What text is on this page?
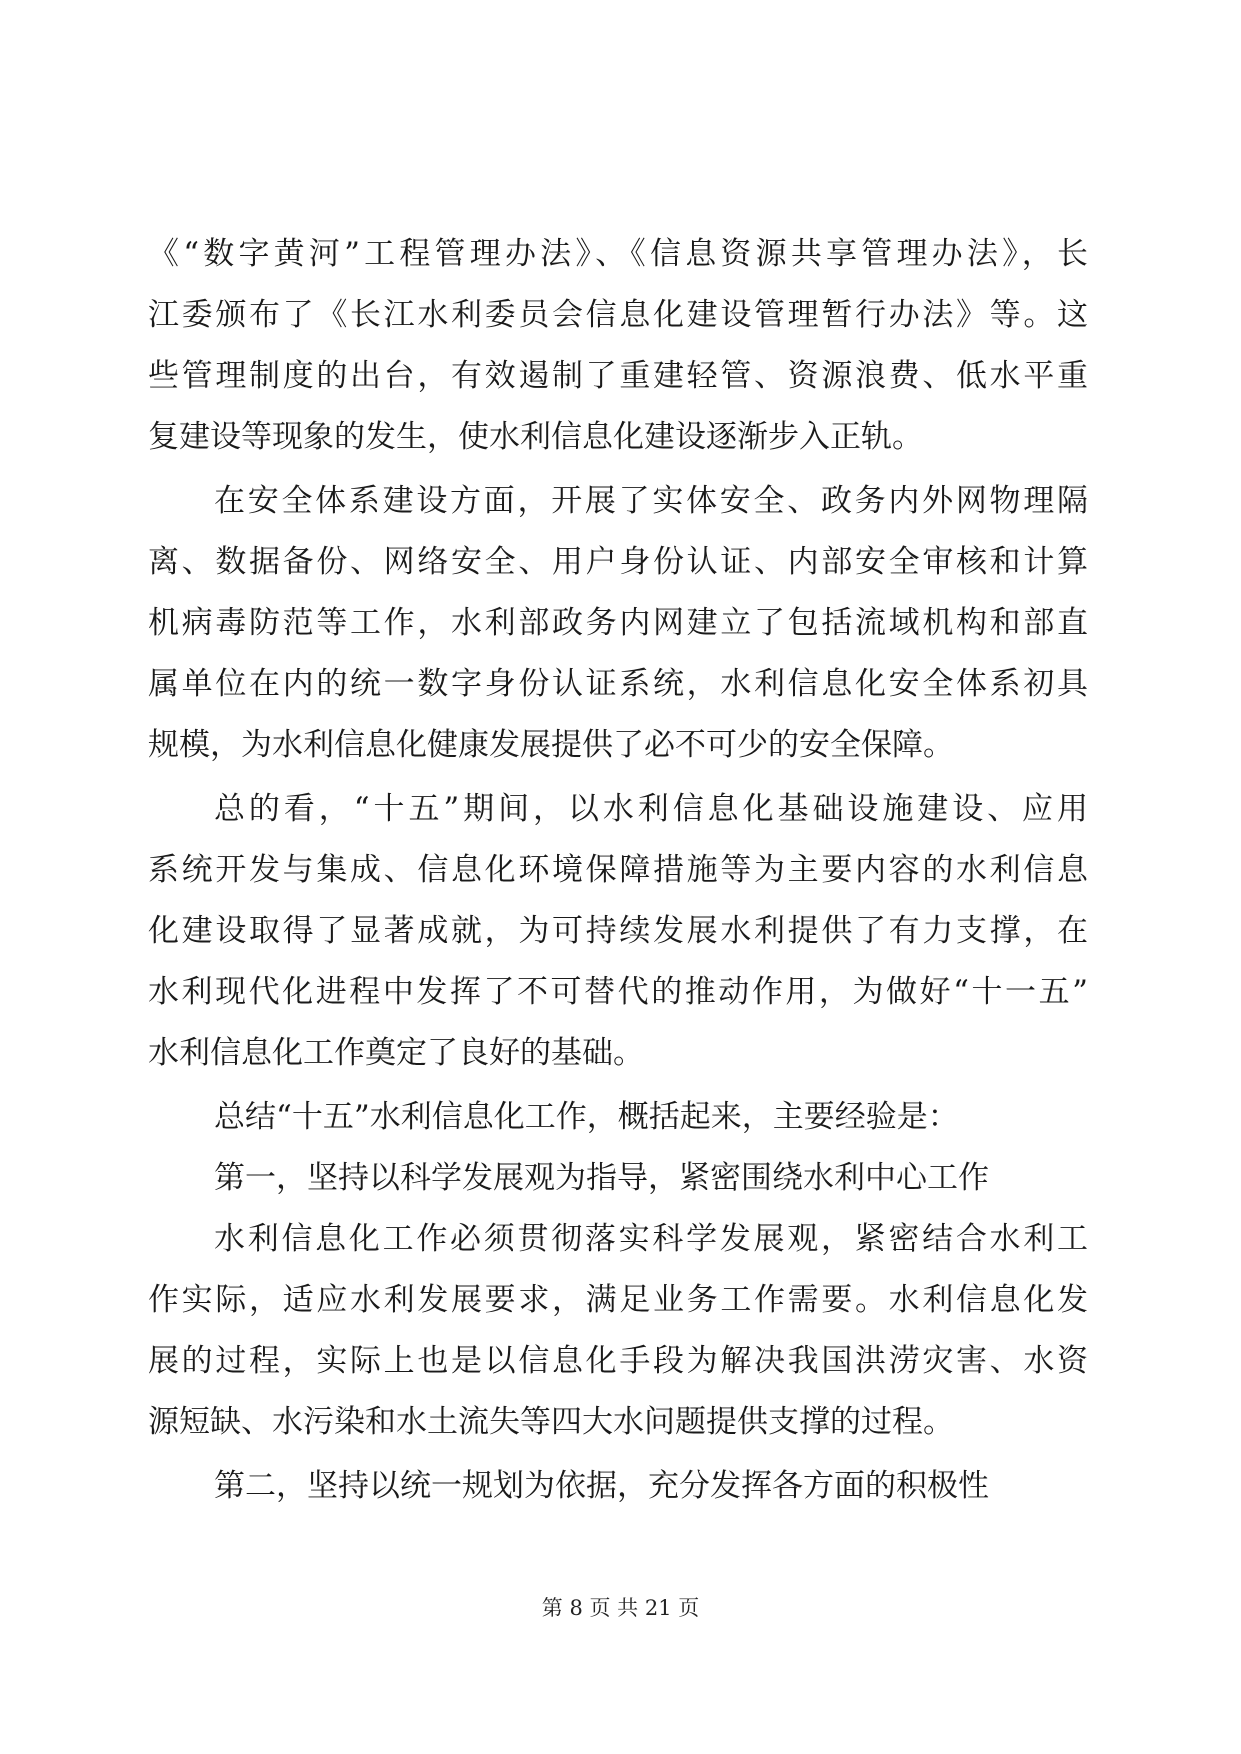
《“数字黄河”工程管理办法》、《信息资源共享管理办法》，长
江委颁布了《长江水利委员会信息化建设管理暂行办法》等。这
些管理制度的出台，有效遏制了重建轻管、资源浪费、低水平重
复建设等现象的发生，使水利信息化建设逐渐步入正轨。
在安全体系建设方面，开展了实体安全、政务内外网物理隔
离、数据备份、网络安全、用户身份认证、内部安全审核和计算
机病毒防范等工作，水利部政务内网建立了包括流域机构和部直
属单位在内的统一数字身份认证系统，水利信息化安全体系初具
规模，为水利信息化健康发展提供了必不可少的安全保障。
总的看，“十五”期间，以水利信息化基础设施建设、应用
系统开发与集成、信息化环境保障措施等为主要内容的水利信息
化建设取得了显著成就，为可持续发展水利提供了有力支撑，在
水利现代化进程中发挥了不可替代的推动作用，为做好“十一五”
水利信息化工作奠定了良好的基础。
总结“十五”水利信息化工作，概括起来，主要经验是：
第一，坚持以科学发展观为指导，紧密围绕水利中心工作
水利信息化工作必须贯彻落实科学发展观，紧密结合水利工
作实际，适应水利发展要求，满足业务工作需要。水利信息化发
展的过程，实际上也是以信息化手段为解决我国洪涝灾害、水资
源短缺、水污染和水土流失等四大水问题提供支撑的过程。
第二，坚持以统一规划为依据，充分发挥各方面的积极性
第 8 页 共 21 页
